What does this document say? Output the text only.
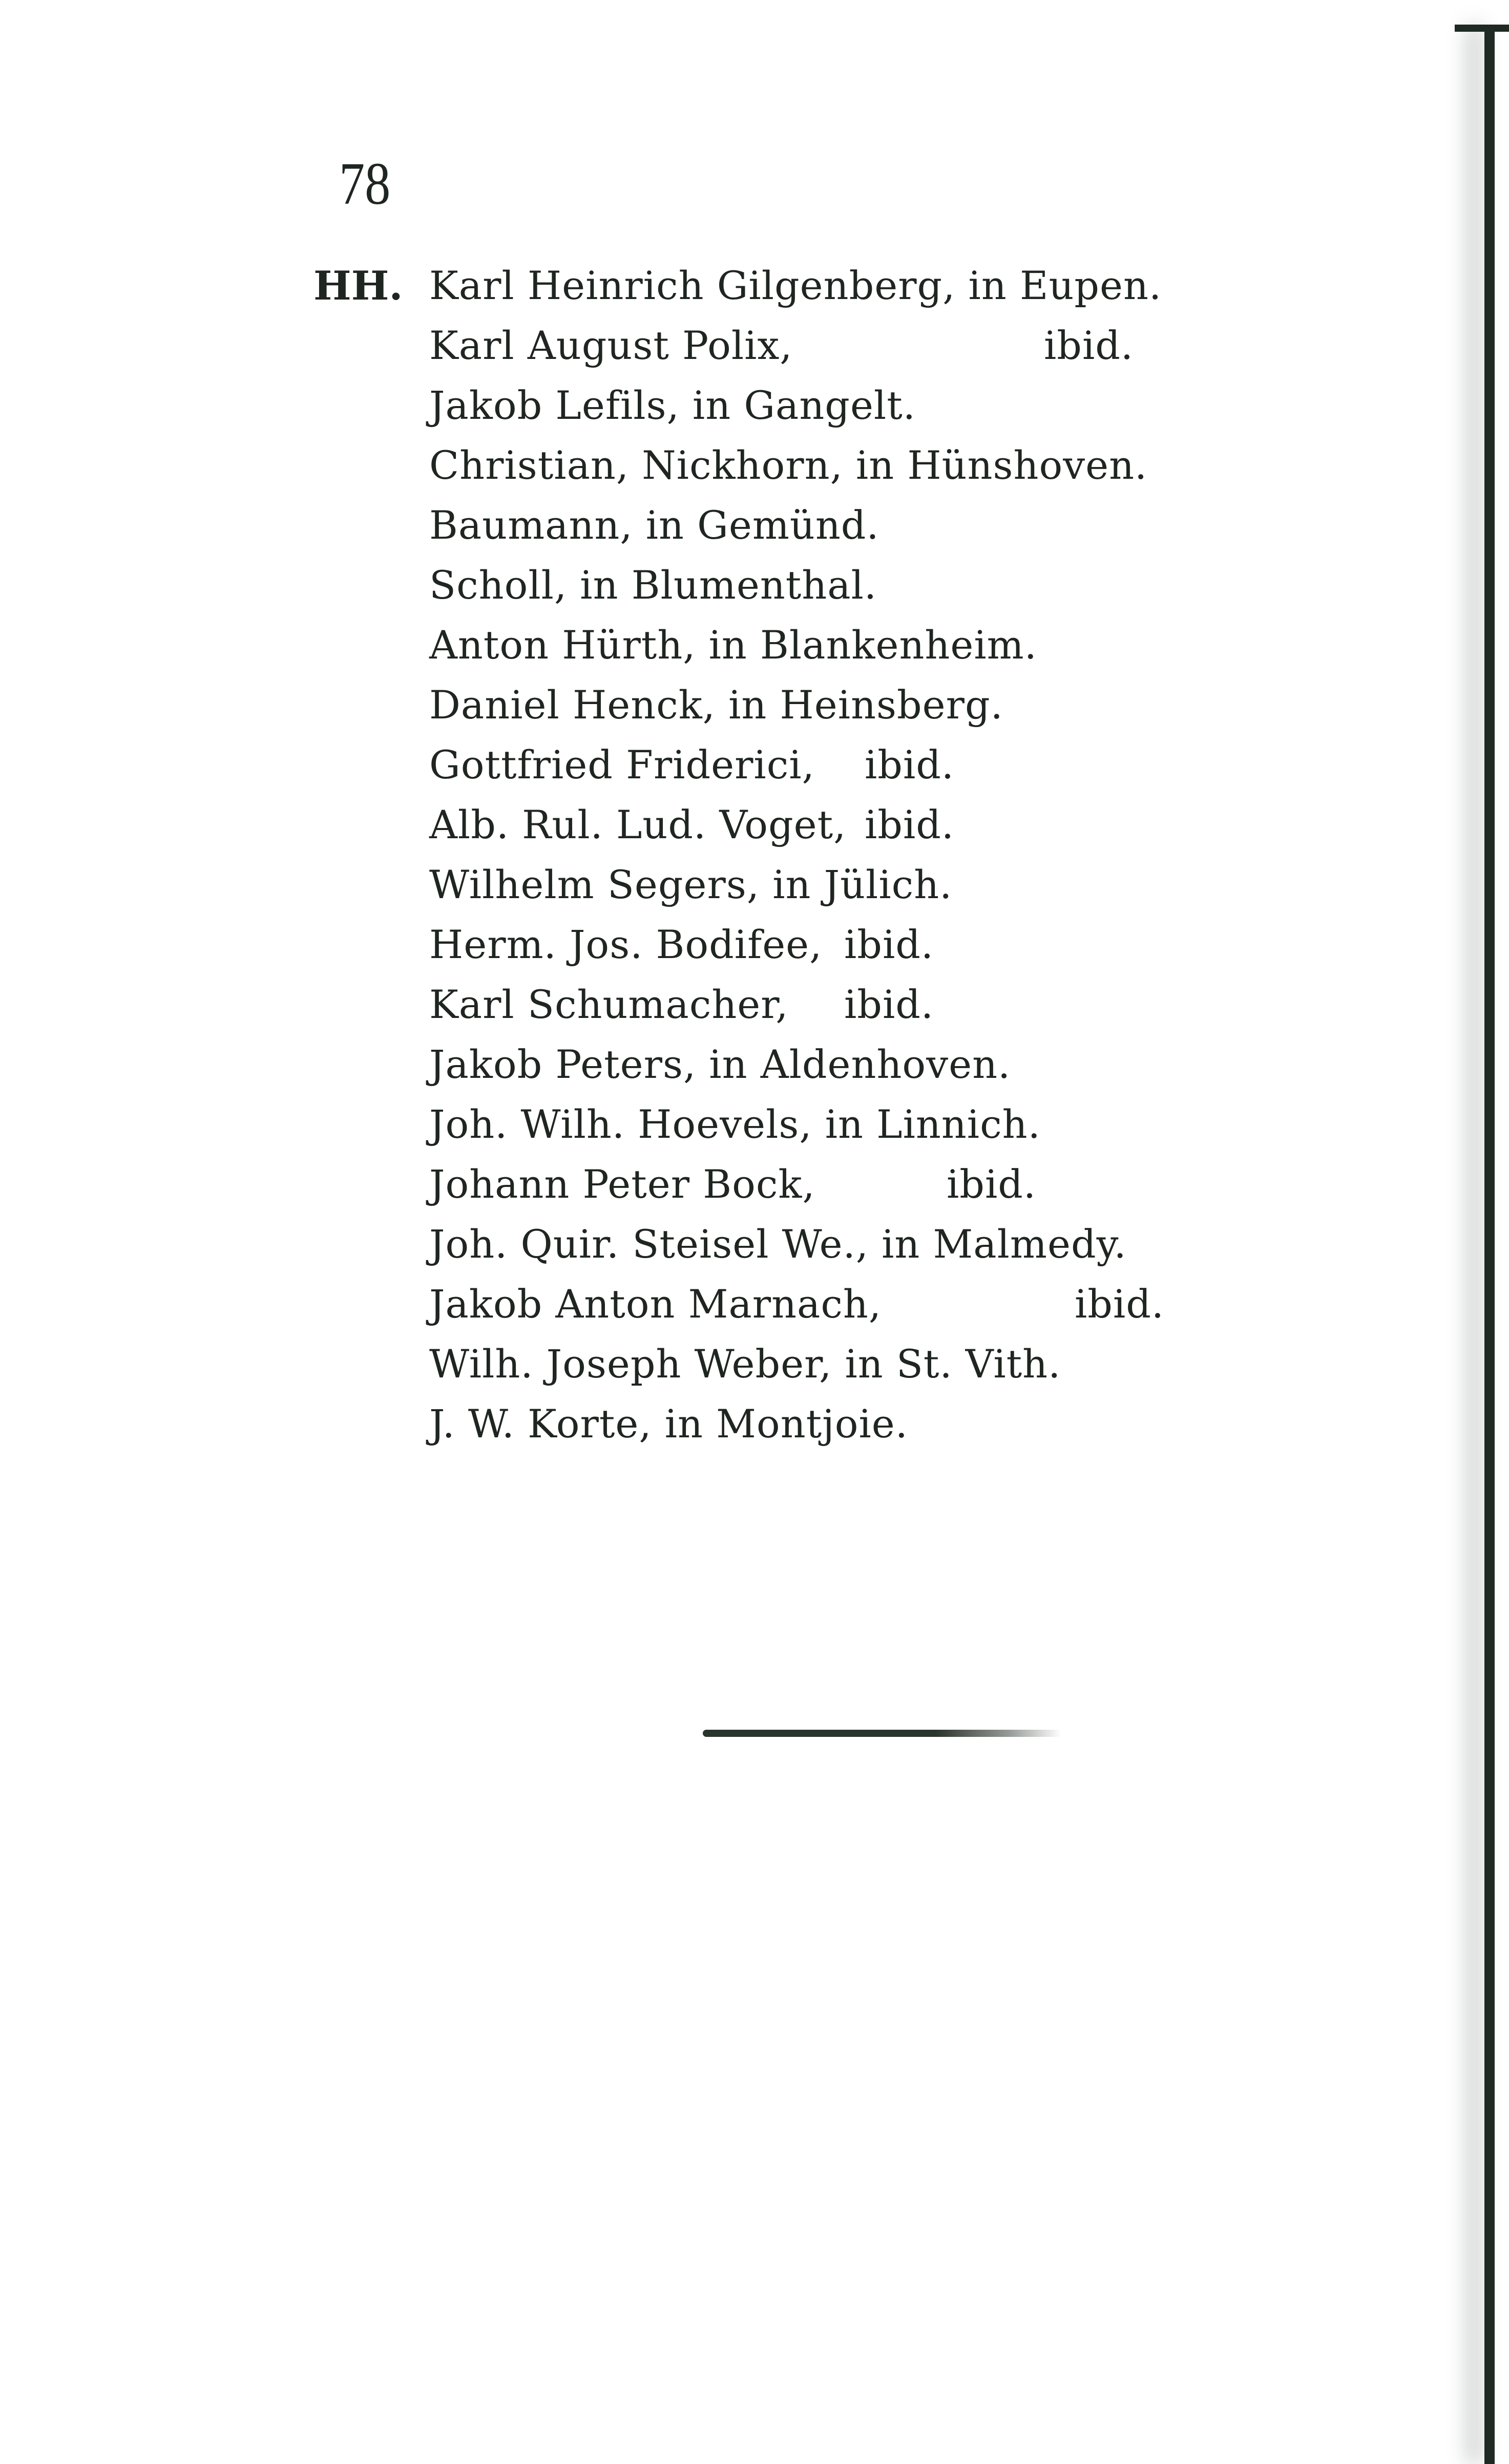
78
HH. Karl Heinrich Gilgenberg, in Eupen.
Karl August Polix,	ibid.
Jakob Lefils, in Gangelt.
Christian, Nickhorn, in Hünshoven.
Baumann, in Gemünd.
Scholl, in Blumenthal.
Anton Hürth, in Blankenheim.
Daniel Henck, in Heinsberg.
Gottfried Friderici, ibid.
Alb. Rul. Lud. Voget, ibid.
Wilhelm Segers, in Jülich.
Herm. Jos. Bodifee, ibid.
Karl Schumacher, ibid.
Jakob Peters, in Aldenhoven.
Joh. Wilh. Hoevels, in Linnich.
Johann Peter Bock,	ibid.
Joh. Quir. Steisel We., in Malmedy.
Jakob Anton Marnach,	ibid.
Wilh. Joseph Weber, in St. Vith.
J. W. Korte, in Montjoie.
